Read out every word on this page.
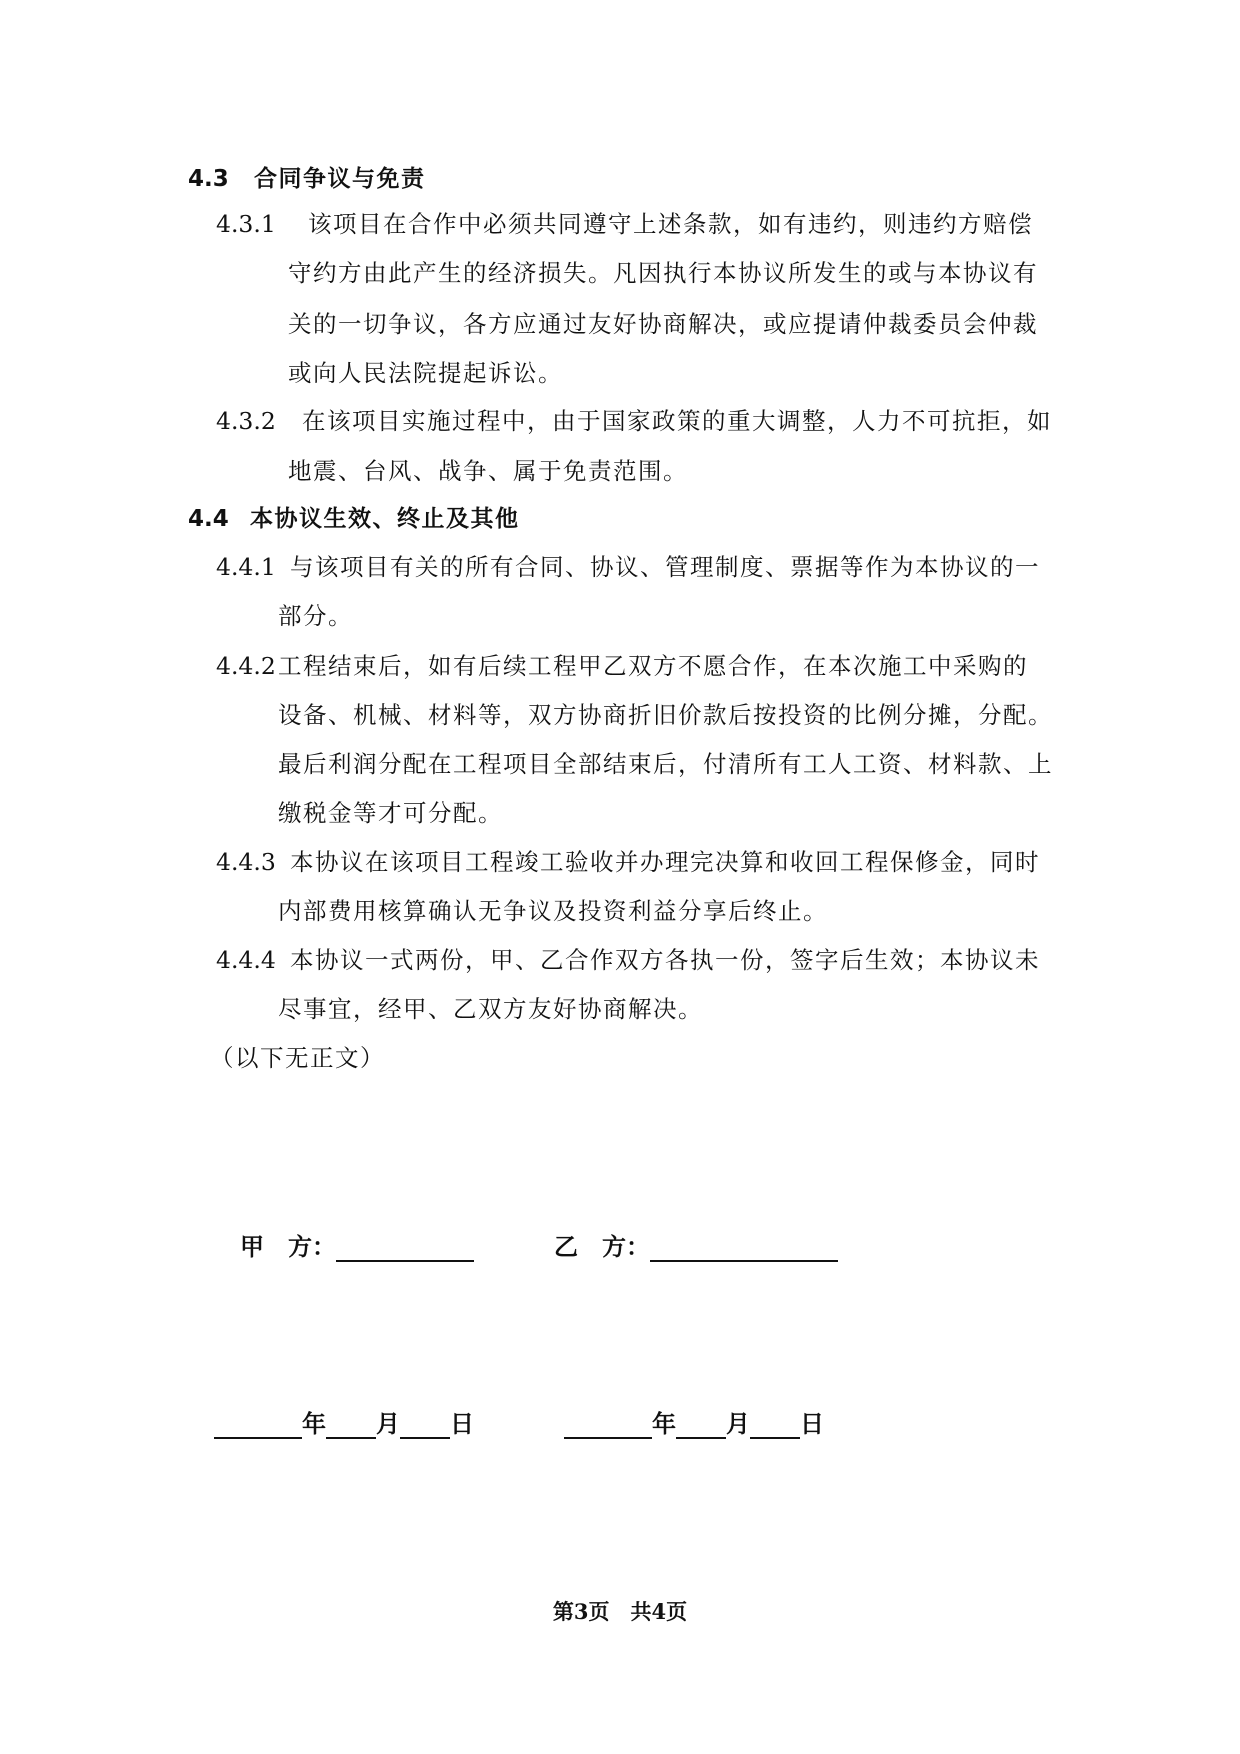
4.3 合同争议与免责
4.3.1 该项目在合作中必须共同遵守上述条款，如有违约，则违约方赔偿
守约方由此产生的经济损失。凡因执行本协议所发生的或与本协议有
关的一切争议，各方应通过友好协商解决，或应提请仲裁委员会仲裁
或向人民法院提起诉讼。
4.3.2 在该项目实施过程中，由于国家政策的重大调整，人力不可抗拒，如
地震、台风、战争、属于免责范围。
4.4 本协议生效、终止及其他
4.4.1 与该项目有关的所有合同、协议、管理制度、票据等作为本协议的一
部分。
4.4.2工程结束后，如有后续工程甲乙双方不愿合作，在本次施工中采购的
设备、机械、材料等，双方协商折旧价款后按投资的比例分摊，分配。
最后利润分配在工程项目全部结束后，付清所有工人工资、材料款、上
缴税金等才可分配。
4.4.3 本协议在该项目工程竣工验收并办理完决算和收回工程保修金，同时
内部费用核算确认无争议及投资利益分享后终止。
4.4.4 本协议一式两份，甲、乙合作双方各执一份，签字后生效；本协议未
尽事宜，经甲、乙双方友好协商解决。
（以下无正文）
甲　方：	乙　方：
年 月 日	年 月 日
第3页　共4页
